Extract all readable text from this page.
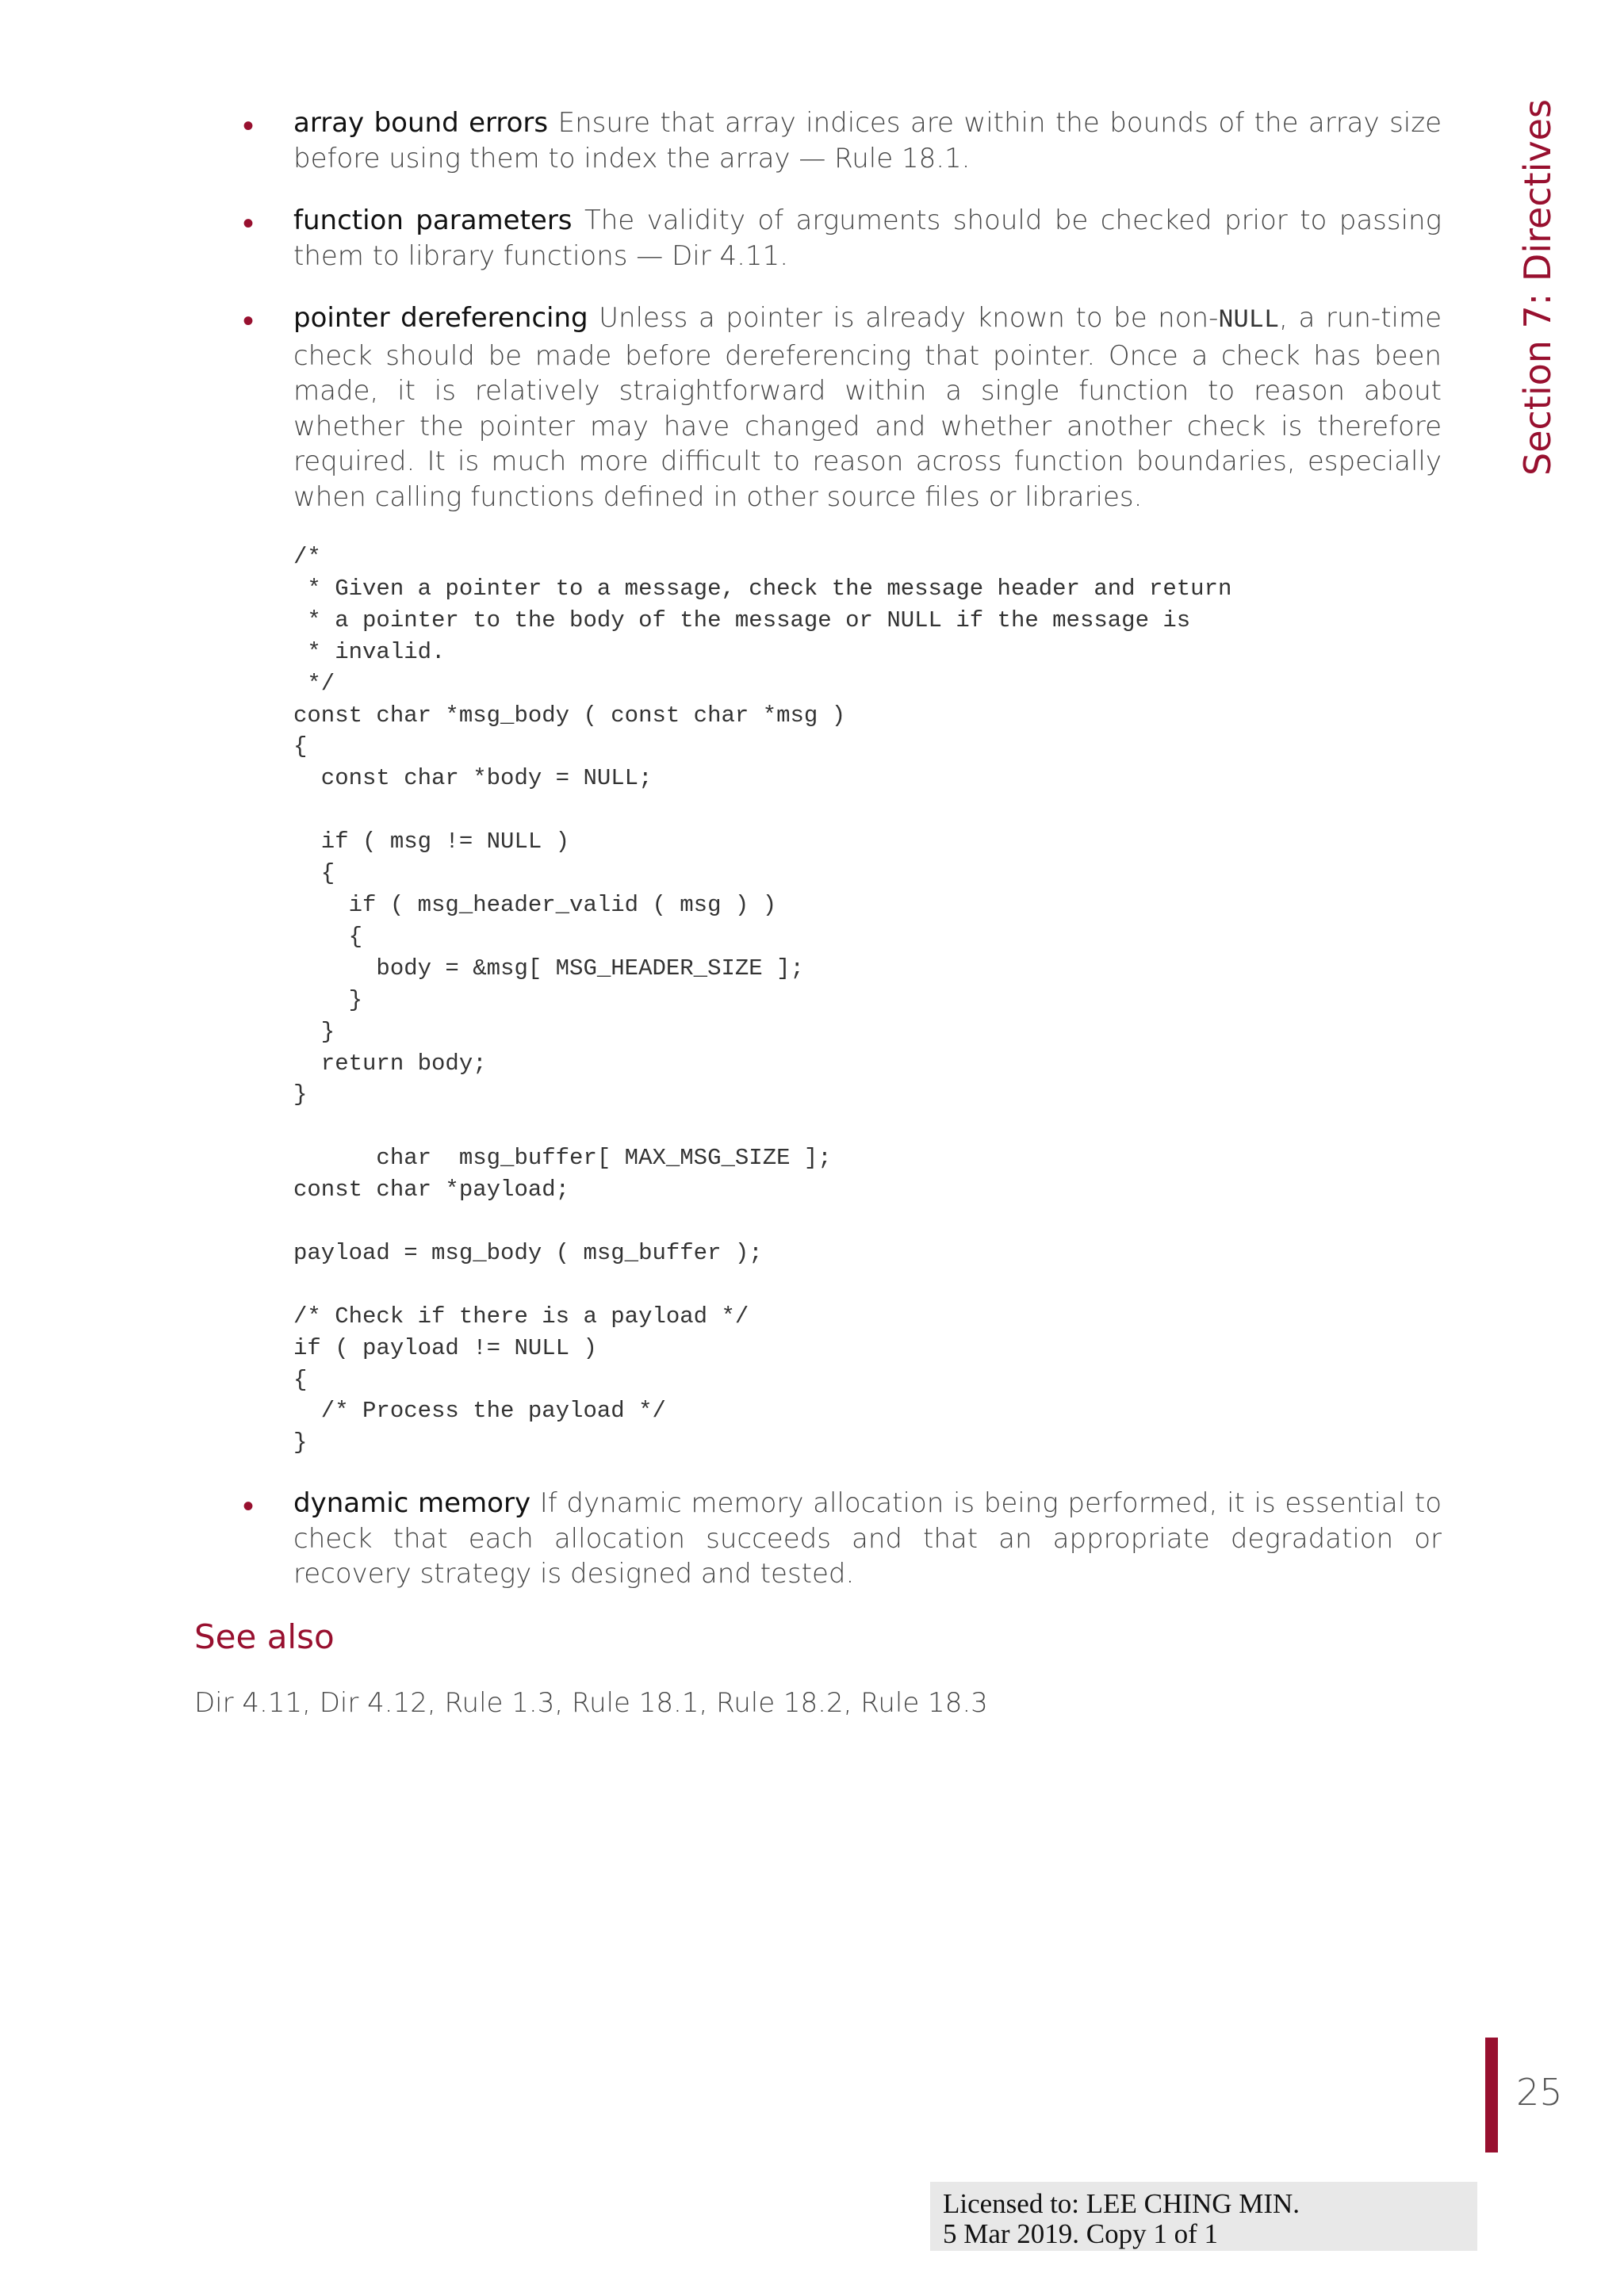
• array bound errors Ensure that array indices are within the bounds of the array size before using them to index the array — Rule 18.1.
• function parameters The validity of arguments should be checked prior to passing them to library functions — Dir 4.11.
• pointer dereferencing Unless a pointer is already known to be non-NULL, a run-time check should be made before dereferencing that pointer. Once a check has been made, it is relatively straightforward within a single function to reason about whether the pointer may have changed and whether another check is therefore required. It is much more difficult to reason across function boundaries, especially when calling functions defined in other source files or libraries.
/*
* Given a pointer to a message, check the message header and return
* a pointer to the body of the message or NULL if the message is
* invalid.
*/
const char *msg_body ( const char *msg )
{
const char *body = NULL;

if ( msg != NULL )
{
if ( msg_header_valid ( msg ) )
{
body = &msg[ MSG_HEADER_SIZE ];
}
}
return body;
}

char  msg_buffer[ MAX_MSG_SIZE ];
const char *payload;

payload = msg_body ( msg_buffer );

/* Check if there is a payload */
if ( payload != NULL )
{
/* Process the payload */
}
• dynamic memory If dynamic memory allocation is being performed, it is essential to check that each allocation succeeds and that an appropriate degradation or recovery strategy is designed and tested.
See also

Dir 4.11, Dir 4.12, Rule 1.3, Rule 18.1, Rule 18.2, Rule 18.3

Section 7: Directives
25
Licensed to: LEE CHING MIN.
5 Mar 2019. Copy 1 of 1
